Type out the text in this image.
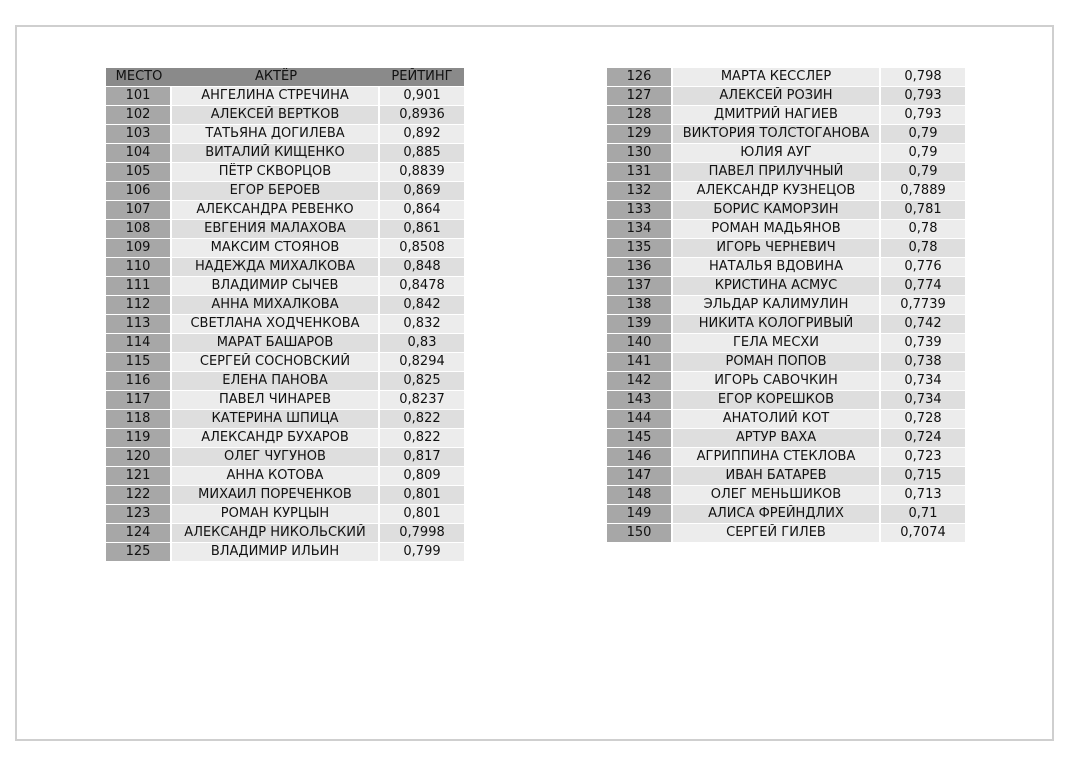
МЕСТО	АКТЁР	РЕЙТИНГ
101	АНГЕЛИНА СТРЕЧИНА	0,901
102	АЛЕКСЕЙ ВЕРТКОВ	0,8936
103	ТАТЬЯНА ДОГИЛЕВА	0,892
104	ВИТАЛИЙ КИЩЕНКО	0,885
105	ПЁТР СКВОРЦОВ	0,8839
106	ЕГОР БЕРОЕВ	0,869
107	АЛЕКСАНДРА РЕВЕНКО	0,864
108	ЕВГЕНИЯ МАЛАХОВА	0,861
109	МАКСИМ СТОЯНОВ	0,8508
110	НАДЕЖДА МИХАЛКОВА	0,848
111	ВЛАДИМИР СЫЧЕВ	0,8478
112	АННА МИХАЛКОВА	0,842
113	СВЕТЛАНА ХОДЧЕНКОВА	0,832
114	МАРАТ БАШАРОВ	0,83
115	СЕРГЕЙ СОСНОВСКИЙ	0,8294
116	ЕЛЕНА ПАНОВА	0,825
117	ПАВЕЛ ЧИНАРЕВ	0,8237
118	КАТЕРИНА ШПИЦА	0,822
119	АЛЕКСАНДР БУХАРОВ	0,822
120	ОЛЕГ ЧУГУНОВ	0,817
121	АННА КОТОВА	0,809
122	МИХАИЛ ПОРЕЧЕНКОВ	0,801
123	РОМАН КУРЦЫН	0,801
124	АЛЕКСАНДР НИКОЛЬСКИЙ	0,7998
125	ВЛАДИМИР ИЛЬИН	0,799
126	МАРТА КЕССЛЕР	0,798
127	АЛЕКСЕЙ РОЗИН	0,793
128	ДМИТРИЙ НАГИЕВ	0,793
129	ВИКТОРИЯ ТОЛСТОГАНОВА	0,79
130	ЮЛИЯ АУГ	0,79
131	ПАВЕЛ ПРИЛУЧНЫЙ	0,79
132	АЛЕКСАНДР КУЗНЕЦОВ	0,7889
133	БОРИС КАМОРЗИН	0,781
134	РОМАН МАДЬЯНОВ	0,78
135	ИГОРЬ ЧЕРНЕВИЧ	0,78
136	НАТАЛЬЯ ВДОВИНА	0,776
137	КРИСТИНА АСМУС	0,774
138	ЭЛЬДАР КАЛИМУЛИН	0,7739
139	НИКИТА КОЛОГРИВЫЙ	0,742
140	ГЕЛА МЕСХИ	0,739
141	РОМАН ПОПОВ	0,738
142	ИГОРЬ САВОЧКИН	0,734
143	ЕГОР КОРЕШКОВ	0,734
144	АНАТОЛИЙ КОТ	0,728
145	АРТУР ВАХА	0,724
146	АГРИППИНА СТЕКЛОВА	0,723
147	ИВАН БАТАРЕВ	0,715
148	ОЛЕГ МЕНЬШИКОВ	0,713
149	АЛИСА ФРЕЙНДЛИХ	0,71
150	СЕРГЕЙ ГИЛЕВ	0,7074
